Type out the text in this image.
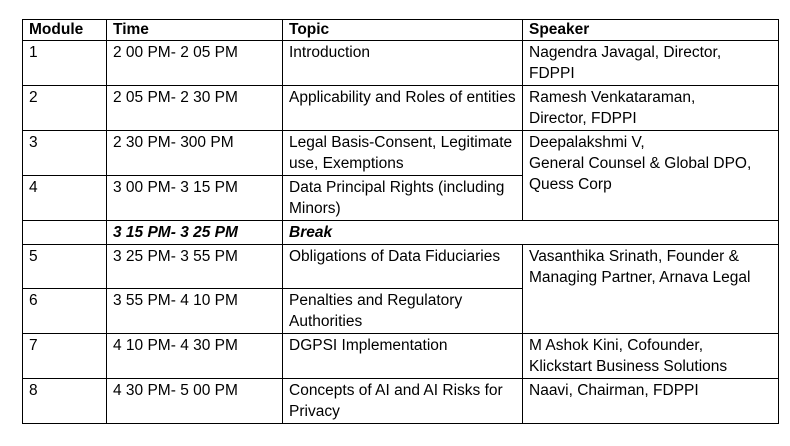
Module	Time	Topic	Speaker
1	2 00 PM- 2 05 PM	Introduction	Nagendra Javagal, Director,
FDPPI

2	2 05 PM- 2 30 PM	Applicability and Roles of entities	Ramesh Venkataraman,
Director, FDPPI

3	2 30 PM- 300 PM	Legal Basis-Consent, Legitimate use, Exemptions	Deepalakshmi V,
General Counsel & Global DPO,
Quess Corp

4	3 00 PM- 3 15 PM	Data Principal Rights (including Minors)	
	3 15 PM- 3 25 PM	Break	
5	3 25 PM- 3 55 PM	Obligations of Data Fiduciaries	Vasanthika Srinath, Founder &
Managing Partner, Arnava Legal

6	3 55 PM- 4 10 PM	Penalties and Regulatory Authorities	
7	4 10 PM- 4 30 PM	DGPSI Implementation	M Ashok Kini, Cofounder,
Klickstart Business Solutions

8	4 30 PM- 5 00 PM	Concepts of AI and AI Risks for Privacy	Naavi, Chairman, FDPPI
